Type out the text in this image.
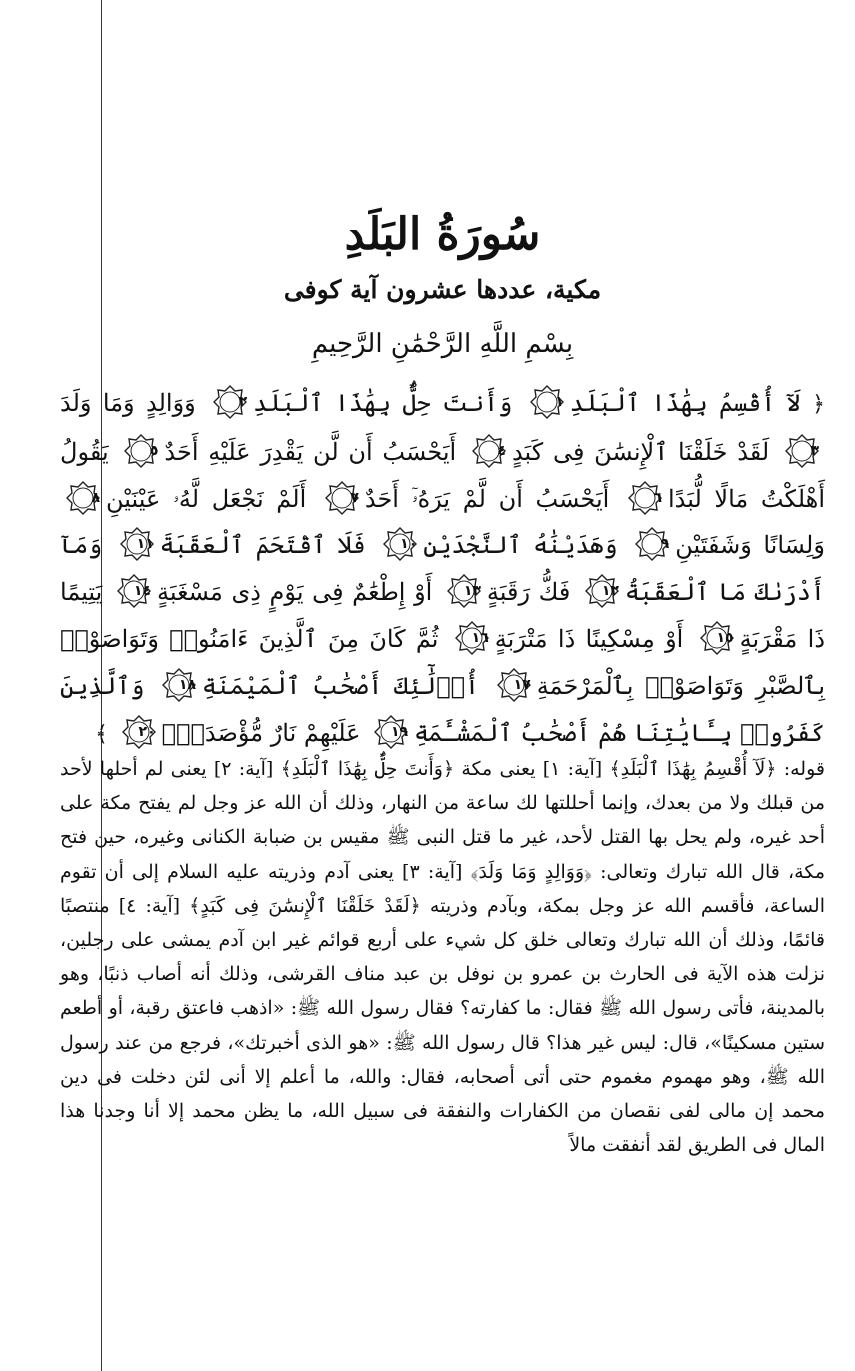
سُورَةُ البَلَدِ
مكية، عددها عشرون آية كوفى
بِسْمِ اللَّهِ الرَّحْمَٰنِ الرَّحِيمِ
﴿ لَآ أُقْسِمُ بِهَٰذَا ٱلْبَلَدِ
١
وَأَنتَ حِلٌّۢ بِهَٰذَا ٱلْبَلَدِ
٢
وَوَالِدٍ وَمَا وَلَدَ
٣
لَقَدْ خَلَقْنَا ٱلْإِنسَٰنَ فِى كَبَدٍ
٤
أَيَحْسَبُ أَن لَّن يَقْدِرَ عَلَيْهِ أَحَدٌ
٥
يَقُولُ أَهْلَكْتُ مَالًا لُّبَدًا
٦
أَيَحْسَبُ أَن لَّمْ يَرَهُۥٓ أَحَدٌ
٧
أَلَمْ نَجْعَل لَّهُۥ عَيْنَيْنِ
٨
وَلِسَانًا وَشَفَتَيْنِ
٩
وَهَدَيْنَٰهُ ٱلنَّجْدَيْنِ
١٠
فَلَا ٱقْتَحَمَ ٱلْعَقَبَةَ
١١
وَمَآ أَدْرَىٰكَ مَا ٱلْعَقَبَةُ
١٢
فَكُّ رَقَبَةٍ
١٣
أَوْ إِطْعَٰمٌ فِى يَوْمٍ ذِى مَسْغَبَةٍ
١٤
يَتِيمًا ذَا مَقْرَبَةٍ
١٥
أَوْ مِسْكِينًا ذَا مَتْرَبَةٍ
١٦
ثُمَّ كَانَ مِنَ ٱلَّذِينَ ءَامَنُوا۟ وَتَوَاصَوْا۟ بِٱلصَّبْرِ وَتَوَاصَوْا۟ بِٱلْمَرْحَمَةِ
١٧
أُو۟لَٰٓئِكَ أَصْحَٰبُ ٱلْمَيْمَنَةِ
١٨
وَٱلَّذِينَ كَفَرُوا۟ بِـَٔايَٰتِنَا هُمْ أَصْحَٰبُ ٱلْمَشْـَٔمَةِ
١٩
عَلَيْهِمْ نَارٌ مُّؤْصَدَةٌۢ
٢٠
﴾

قوله: ﴿لَآ أُقْسِمُ بِهَٰذَا ٱلْبَلَدِ﴾ [آية: ١] يعنى مكة ﴿وَأَنتَ حِلٌّۢ بِهَٰذَا ٱلْبَلَدِ﴾ [آية: ٢] يعنى لم أحلها لأحد من قبلك ولا من بعدك، وإنما أحللتها لك ساعة من النهار، وذلك أن الله عز وجل لم يفتح مكة على أحد غيره، ولم يحل بها القتل لأحد، غير ما قتل النبى ﷺ مقيس بن ضبابة الكنانى وغيره، حين فتح مكة، قال الله تبارك وتعالى: ﴿وَوَالِدٍ وَمَا وَلَدَ﴾ [آية: ٣] يعنى آدم وذريته عليه السلام إلى أن تقوم الساعة، فأقسم الله عز وجل بمكة، وبآدم وذريته ﴿لَقَدْ خَلَقْنَا ٱلْإِنسَٰنَ فِى كَبَدٍ﴾ [آية: ٤] منتصبًا قائمًا، وذلك أن الله تبارك وتعالى خلق كل شيء على أربع قوائم غير ابن آدم يمشى على رجلين، نزلت هذه الآية فى الحارث بن عمرو بن نوفل بن عبد مناف القرشى، وذلك أنه أصاب ذنبًا، وهو بالمدينة، فأتى رسول الله ﷺ فقال: ما كفارته؟ فقال رسول الله ﷺ: «اذهب فاعتق رقبة، أو أطعم ستين مسكينًا»، قال: ليس غير هذا؟ قال رسول الله ﷺ: «هو الذى أخبرتك»، فرجع من عند رسول الله ﷺ، وهو مهموم مغموم حتى أتى أصحابه، فقال: والله، ما أعلم إلا أنى لئن دخلت فى دين محمد إن مالى لفى نقصان من الكفارات والنفقة فى سبيل الله، ما يظن محمد إلا أنا وجدنا هذا المال فى الطريق لقد أنفقت مالاً
